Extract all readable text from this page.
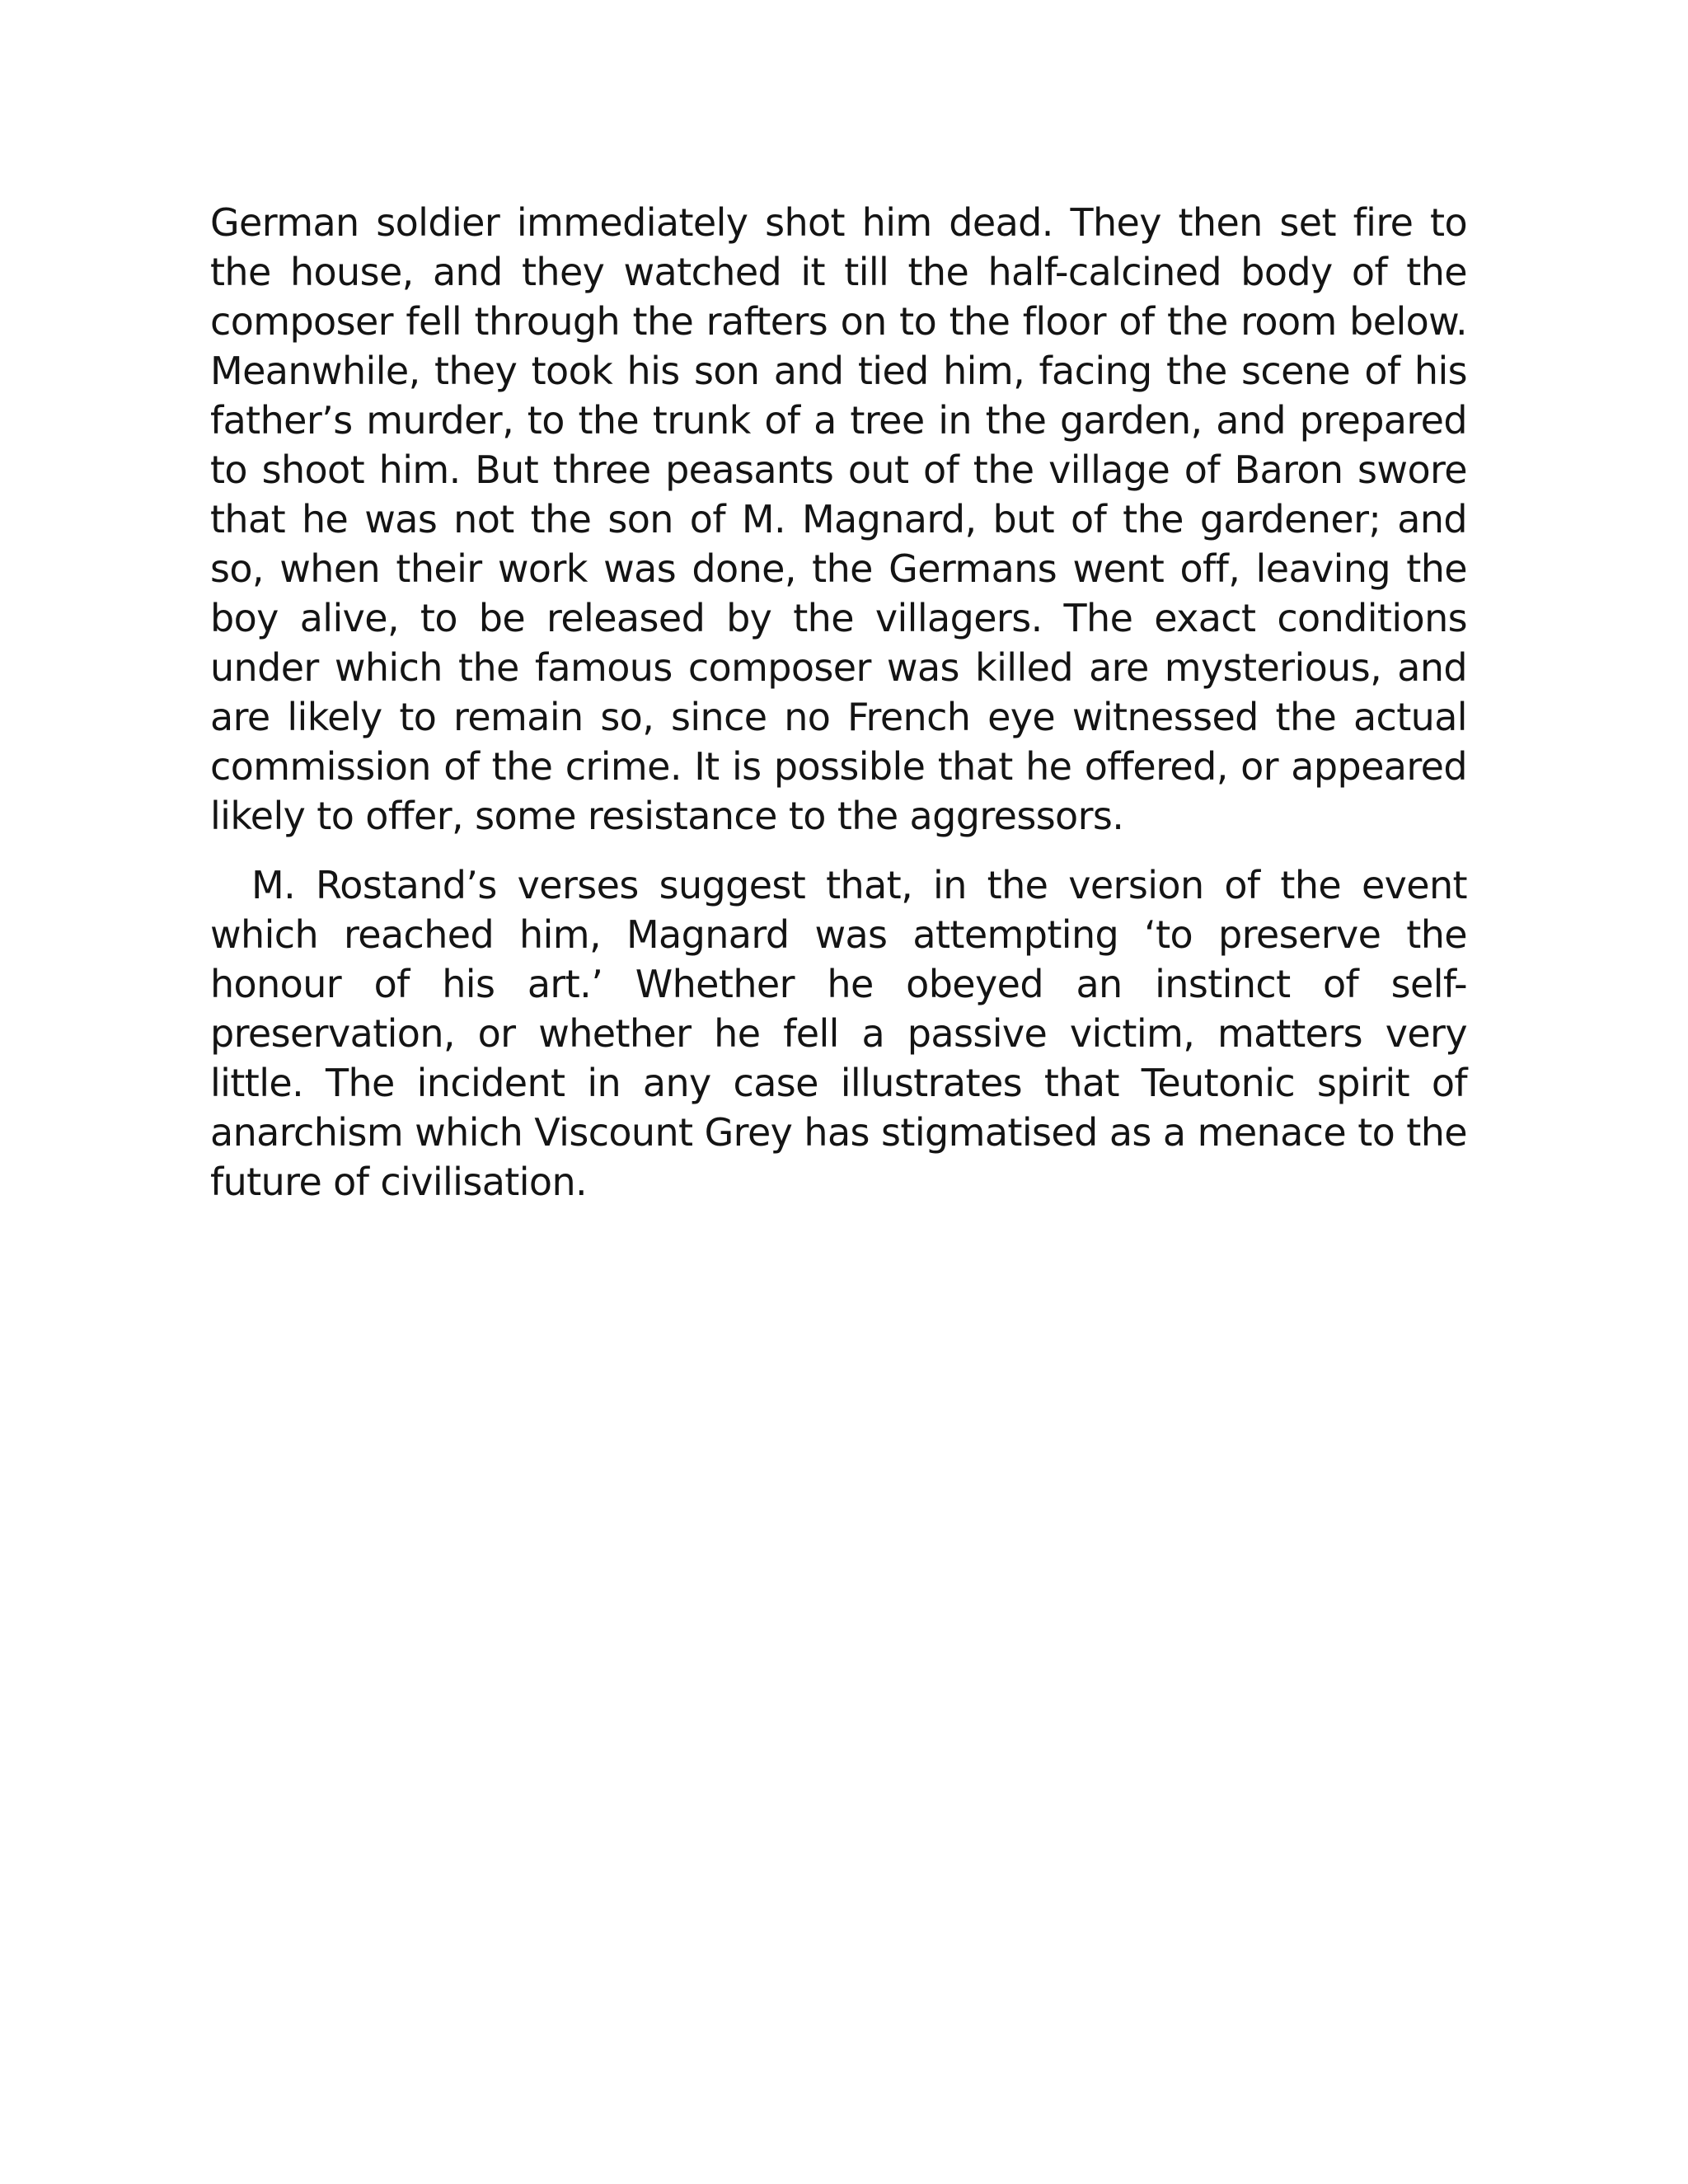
German soldier immediately shot him dead. They then set fire to the house, and they watched it till the half-calcined body of the composer fell through the rafters on to the floor of the room below. Meanwhile, they took his son and tied him, facing the scene of his father’s murder, to the trunk of a tree in the garden, and prepared to shoot him. But three peasants out of the village of Baron swore that he was not the son of M. Magnard, but of the gardener; and so, when their work was done, the Germans went off, leaving the boy alive, to be released by the villagers. The exact conditions under which the famous composer was killed are mysterious, and are likely to remain so, since no French eye witnessed the actual commission of the crime. It is possible that he offered, or appeared likely to offer, some resistance to the aggressors.

M. Rostand’s verses suggest that, in the version of the event which reached him, Magnard was attempting ‘to preserve the honour of his art.’ Whether he obeyed an instinct of self-preservation, or whether he fell a passive victim, matters very little. The incident in any case illustrates that Teutonic spirit of anarchism which Viscount Grey has stigmatised as a menace to the future of civilisation.
